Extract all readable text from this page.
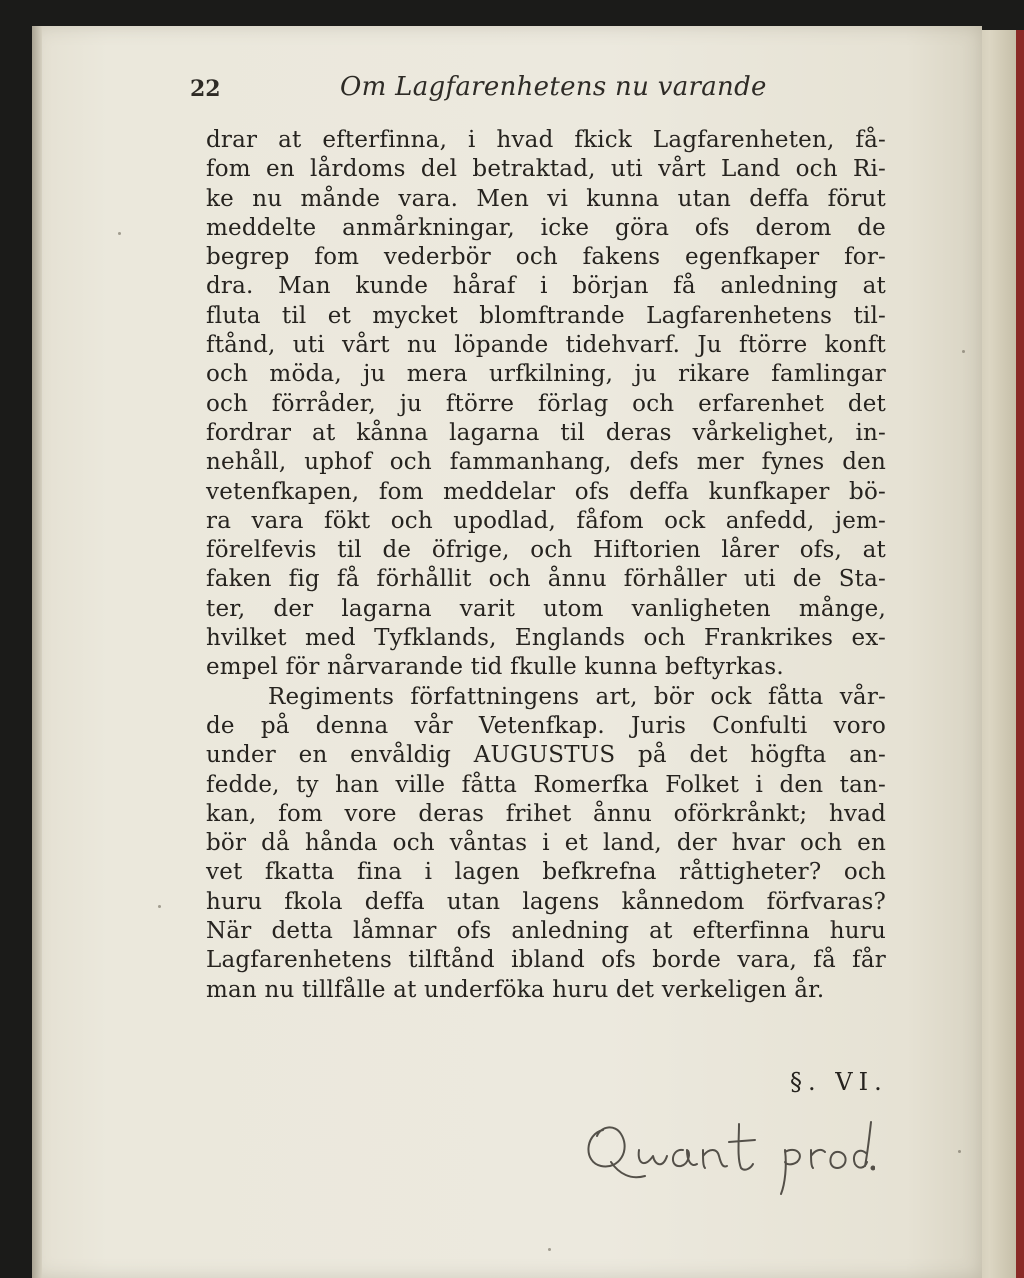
22	Om Lagfarenhetens nu varande
drar at efterfinna, i hvad fkick Lagfarenheten, få-
fom en lårdoms del betraktad, uti vårt Land och Ri-
ke nu månde vara. Men vi kunna utan deffa förut
meddelte anmårkningar, icke göra ofs derom de
begrep fom vederbör och fakens egenfkaper for-
dra. Man kunde håraf i början få anledning at
fluta til et mycket blomftrande Lagfarenhetens til-
ftånd, uti vårt nu löpande tidehvarf. Ju ftörre konft
och möda, ju mera urfkilning, ju rikare famlingar
och förråder, ju ftörre förlag och erfarenhet det
fordrar at kånna lagarna til deras vårkelighet, in-
nehåll, uphof och fammanhang, defs mer fynes den
vetenfkapen, fom meddelar ofs deffa kunfkaper bö-
ra vara fökt och upodlad, fåfom ock anfedd, jem-
förelfevis til de öfrige, och Hiftorien lårer ofs, at
faken fig få förhållit och ånnu förhåller uti de Sta-
ter, der lagarna varit utom vanligheten månge,
hvilket med Tyfklands, Englands och Frankrikes ex-
empel för nårvarande tid fkulle kunna beftyrkas.
Regiments författningens art, bör ock fåtta vår-
de på denna vår Vetenfkap. Juris Confulti voro
under en envåldig AUGUSTUS på det högfta an-
fedde, ty han ville fåtta Romerfka Folket i den tan-
kan, fom vore deras frihet ånnu oförkrånkt; hvad
bör då hånda och våntas i et land, der hvar och en
vet fkatta fina i lagen befkrefna råttigheter? och
huru fkola deffa utan lagens kånnedom förfvaras?
När detta låmnar ofs anledning at efterfinna huru
Lagfarenhetens tilftånd ibland ofs borde vara, få får
man nu tillfålle at underföka huru det verkeligen år.
§. VI.
